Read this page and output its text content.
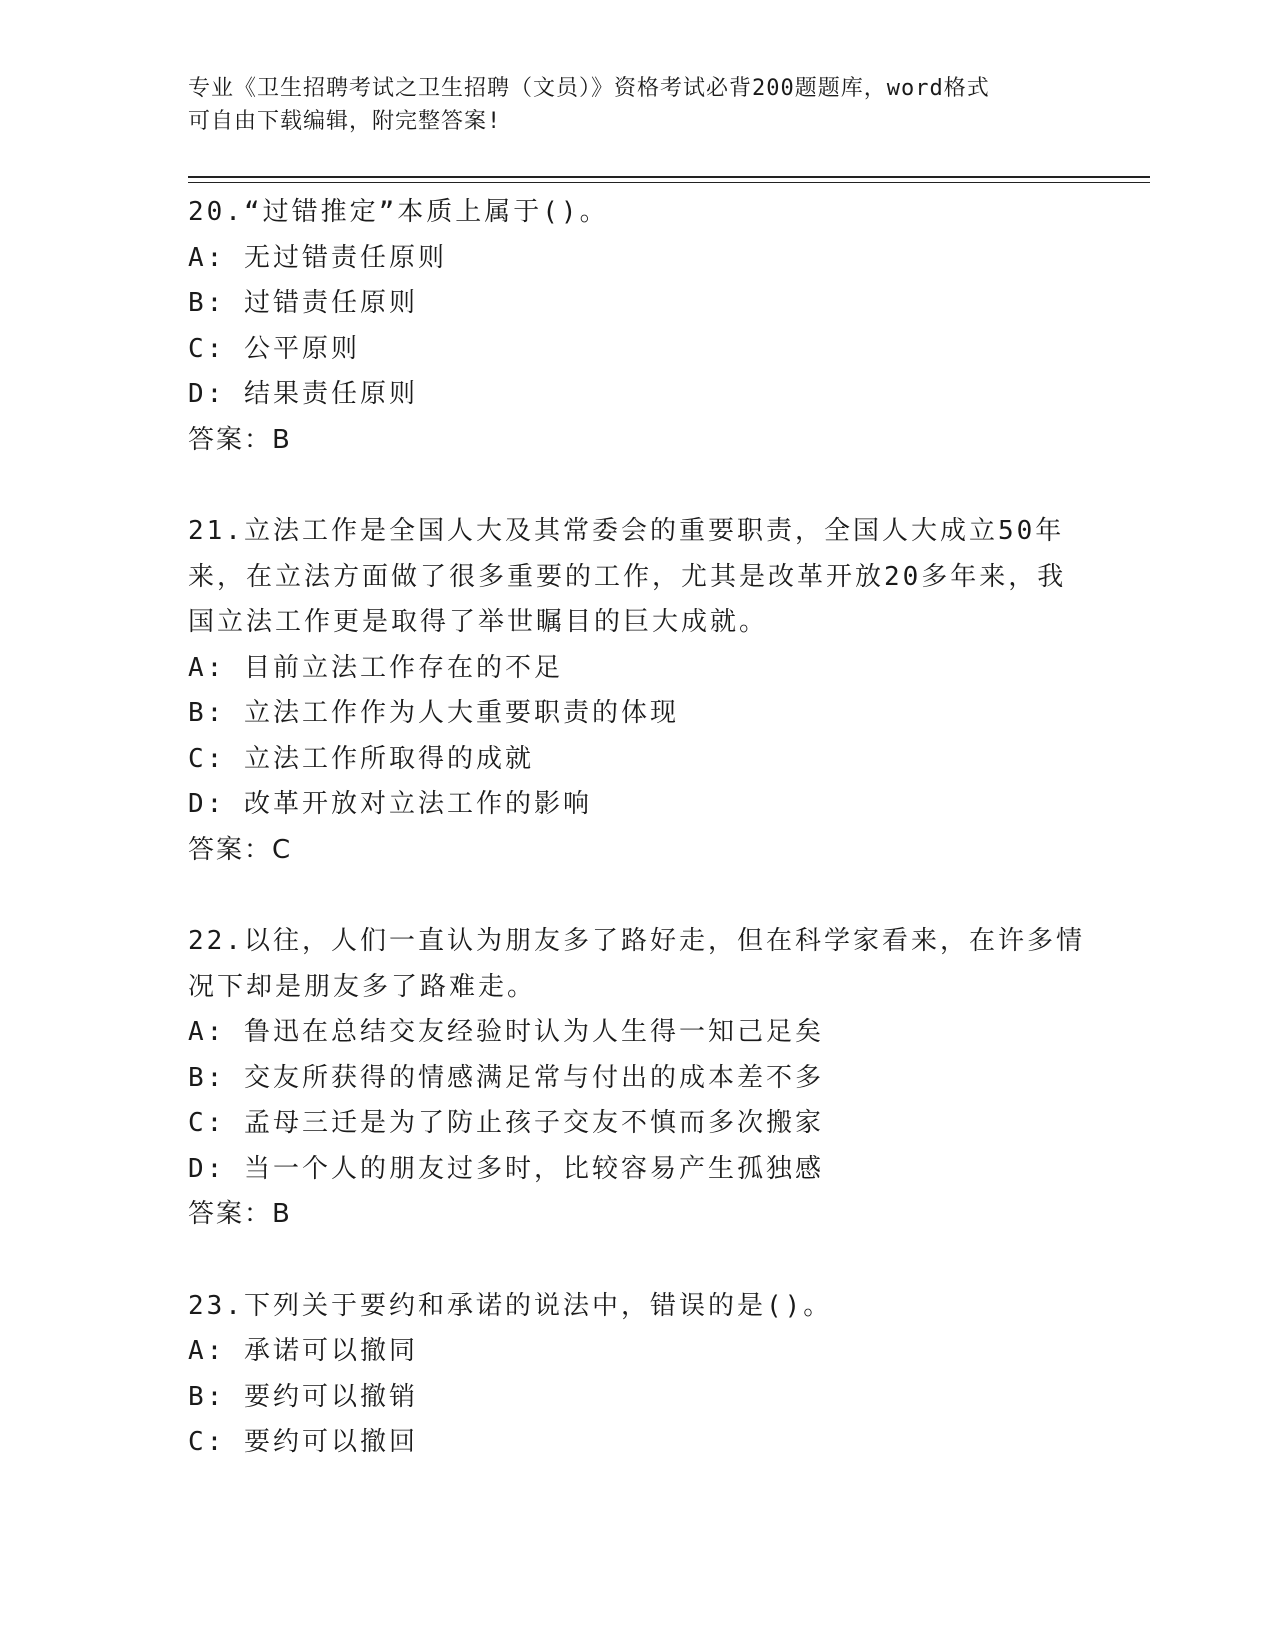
专业《卫生招聘考试之卫生招聘（文员）》资格考试必背200题题库，word格式
可自由下载编辑，附完整答案!
20.“过错推定”本质上属于()。
A: 无过错责任原则
B: 过错责任原则
C: 公平原则
D: 结果责任原则
答案：B
21.立法工作是全国人大及其常委会的重要职责，全国人大成立50年
来，在立法方面做了很多重要的工作，尤其是改革开放20多年来，我
国立法工作更是取得了举世瞩目的巨大成就。
A: 目前立法工作存在的不足
B: 立法工作作为人大重要职责的体现
C: 立法工作所取得的成就
D: 改革开放对立法工作的影响
答案：C
22.以往，人们一直认为朋友多了路好走，但在科学家看来，在许多情
况下却是朋友多了路难走。
A: 鲁迅在总结交友经验时认为人生得一知己足矣
B: 交友所获得的情感满足常与付出的成本差不多
C: 孟母三迁是为了防止孩子交友不慎而多次搬家
D: 当一个人的朋友过多时，比较容易产生孤独感
答案：B
23.下列关于要约和承诺的说法中，错误的是()。
A: 承诺可以撤同
B: 要约可以撤销
C: 要约可以撤回
